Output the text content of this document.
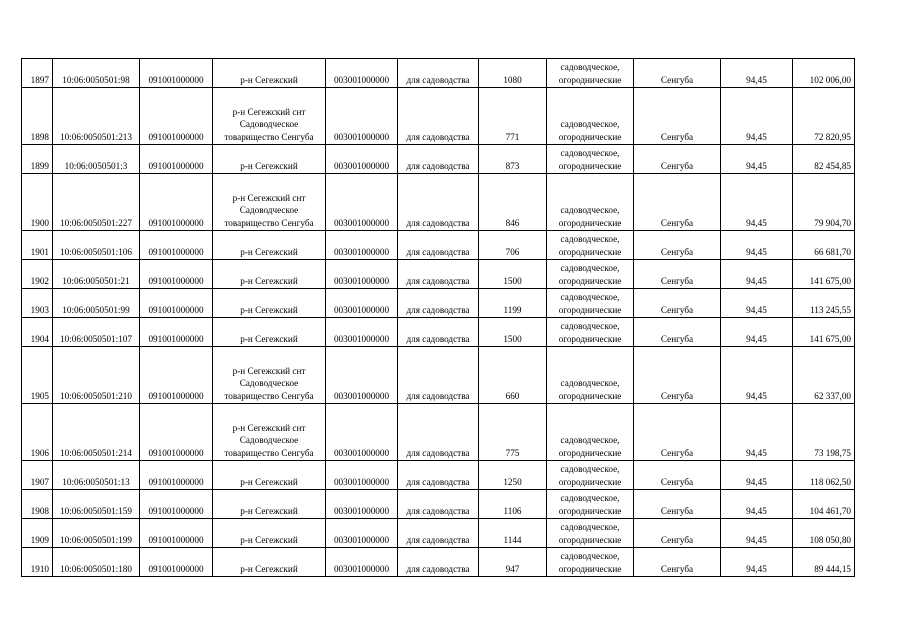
1897	10:06:0050501:98	091001000000	р-н Сегежский	003001000000	для садоводства	1080	садоводческое,
огороднические	Сенгуба	94,45	102 006,00
1898	10:06:0050501:213	091001000000	р-н Сегежский снт
Садоводческое
товарищество Сенгуба	003001000000	для садоводства	771	садоводческое,
огороднические	Сенгуба	94,45	72 820,95
1899	10:06:0050501:3	091001000000	р-н Сегежский	003001000000	для садоводства	873	садоводческое,
огороднические	Сенгуба	94,45	82 454,85
1900	10:06:0050501:227	091001000000	р-н Сегежский снт
Садоводческое
товарищество Сенгуба	003001000000	для садоводства	846	садоводческое,
огороднические	Сенгуба	94,45	79 904,70
1901	10:06:0050501:106	091001000000	р-н Сегежский	003001000000	для садоводства	706	садоводческое,
огороднические	Сенгуба	94,45	66 681,70
1902	10:06:0050501:21	091001000000	р-н Сегежский	003001000000	для садоводства	1500	садоводческое,
огороднические	Сенгуба	94,45	141 675,00
1903	10:06:0050501:99	091001000000	р-н Сегежский	003001000000	для садоводства	1199	садоводческое,
огороднические	Сенгуба	94,45	113 245,55
1904	10:06:0050501:107	091001000000	р-н Сегежский	003001000000	для садоводства	1500	садоводческое,
огороднические	Сенгуба	94,45	141 675,00
1905	10:06:0050501:210	091001000000	р-н Сегежский снт
Садоводческое
товарищество Сенгуба	003001000000	для садоводства	660	садоводческое,
огороднические	Сенгуба	94,45	62 337,00
1906	10:06:0050501:214	091001000000	р-н Сегежский снт
Садоводческое
товарищество Сенгуба	003001000000	для садоводства	775	садоводческое,
огороднические	Сенгуба	94,45	73 198,75
1907	10:06:0050501:13	091001000000	р-н Сегежский	003001000000	для садоводства	1250	садоводческое,
огороднические	Сенгуба	94,45	118 062,50
1908	10:06:0050501:159	091001000000	р-н Сегежский	003001000000	для садоводства	1106	садоводческое,
огороднические	Сенгуба	94,45	104 461,70
1909	10:06:0050501:199	091001000000	р-н Сегежский	003001000000	для садоводства	1144	садоводческое,
огороднические	Сенгуба	94,45	108 050,80
1910	10:06:0050501:180	091001000000	р-н Сегежский	003001000000	для садоводства	947	садоводческое,
огороднические	Сенгуба	94,45	89 444,15
